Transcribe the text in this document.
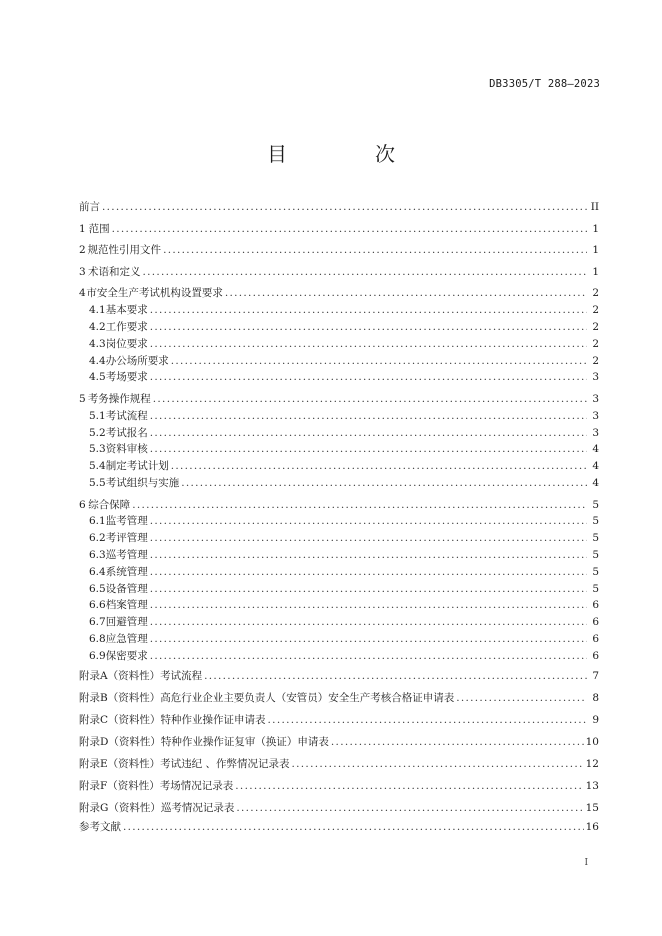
DB3305/T 288—2023
目　次
前言 .....	II
1 范围 .....	1
2 规范性引用文件 .....	1
3 术语和定义 .....	1
4 市安全生产考试机构设置要求 .....	2
4.1 基本要求 .....	2
4.2 工作要求 .....	2
4.3 岗位要求 .....	2
4.4 办公场所要求 .....	2
4.5 考场要求 .....	3
5 考务操作规程 .....	3
5.1 考试流程 .....	3
5.2 考试报名 .....	3
5.3 资料审核 .....	4
5.4 制定考试计划 .....	4
5.5 考试组织与实施 .....	4
6 综合保障 .....	5
6.1 监考管理 .....	5
6.2 考评管理 .....	5
6.3 巡考管理 .....	5
6.4 系统管理 .....	5
6.5 设备管理 .....	5
6.6 档案管理 .....	6
6.7 回避管理 .....	6
6.8 应急管理 .....	6
6.9 保密要求 .....	6
附录A（资料性） 考试流程 .....	7
附录B（资料性） 高危行业企业主要负责人（安管员）安全生产考核合格证申请表 .....	8
附录C（资料性） 特种作业操作证申请表 .....	9
附录D（资料性） 特种作业操作证复审（换证）申请表 .....	10
附录E（资料性） 考试违纪 、作弊情况记录表 .....	12
附录F（资料性） 考场情况记录表 .....	13
附录G（资料性） 巡考情况记录表 .....	15
参考文献 .....	16
I
